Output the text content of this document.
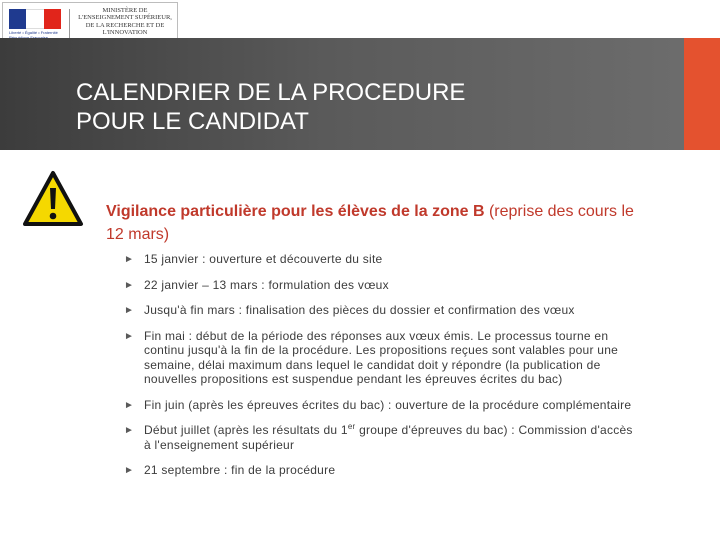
Liberté • Égalité • Fraternité
MINISTÈRE DE L'ENSEIGNEMENT SUPÉRIEUR, DE LA RECHERCHE ET DE L'INNOVATION
CALENDRIER DE LA PROCEDURE
POUR LE CANDIDAT
Vigilance particulière pour les élèves de la zone B (reprise des cours le 12 mars)
► 15 janvier : ouverture et découverte du site
► 22 janvier – 13 mars : formulation des vœux
► Jusqu'à fin mars : finalisation des pièces du dossier et confirmation des vœux
► Fin mai : début de la période des réponses aux vœux émis. Le processus tourne en continu jusqu'à la fin de la procédure. Les propositions reçues sont valables pour une semaine, délai maximum dans lequel le candidat doit y répondre (la publication de nouvelles propositions est suspendue pendant les épreuves écrites du bac)
► Fin juin (après les épreuves écrites du bac) : ouverture de la procédure complémentaire
► Début juillet (après les résultats du 1er groupe d'épreuves du bac) : Commission d'accès à l'enseignement supérieur
► 21 septembre : fin de la procédure
